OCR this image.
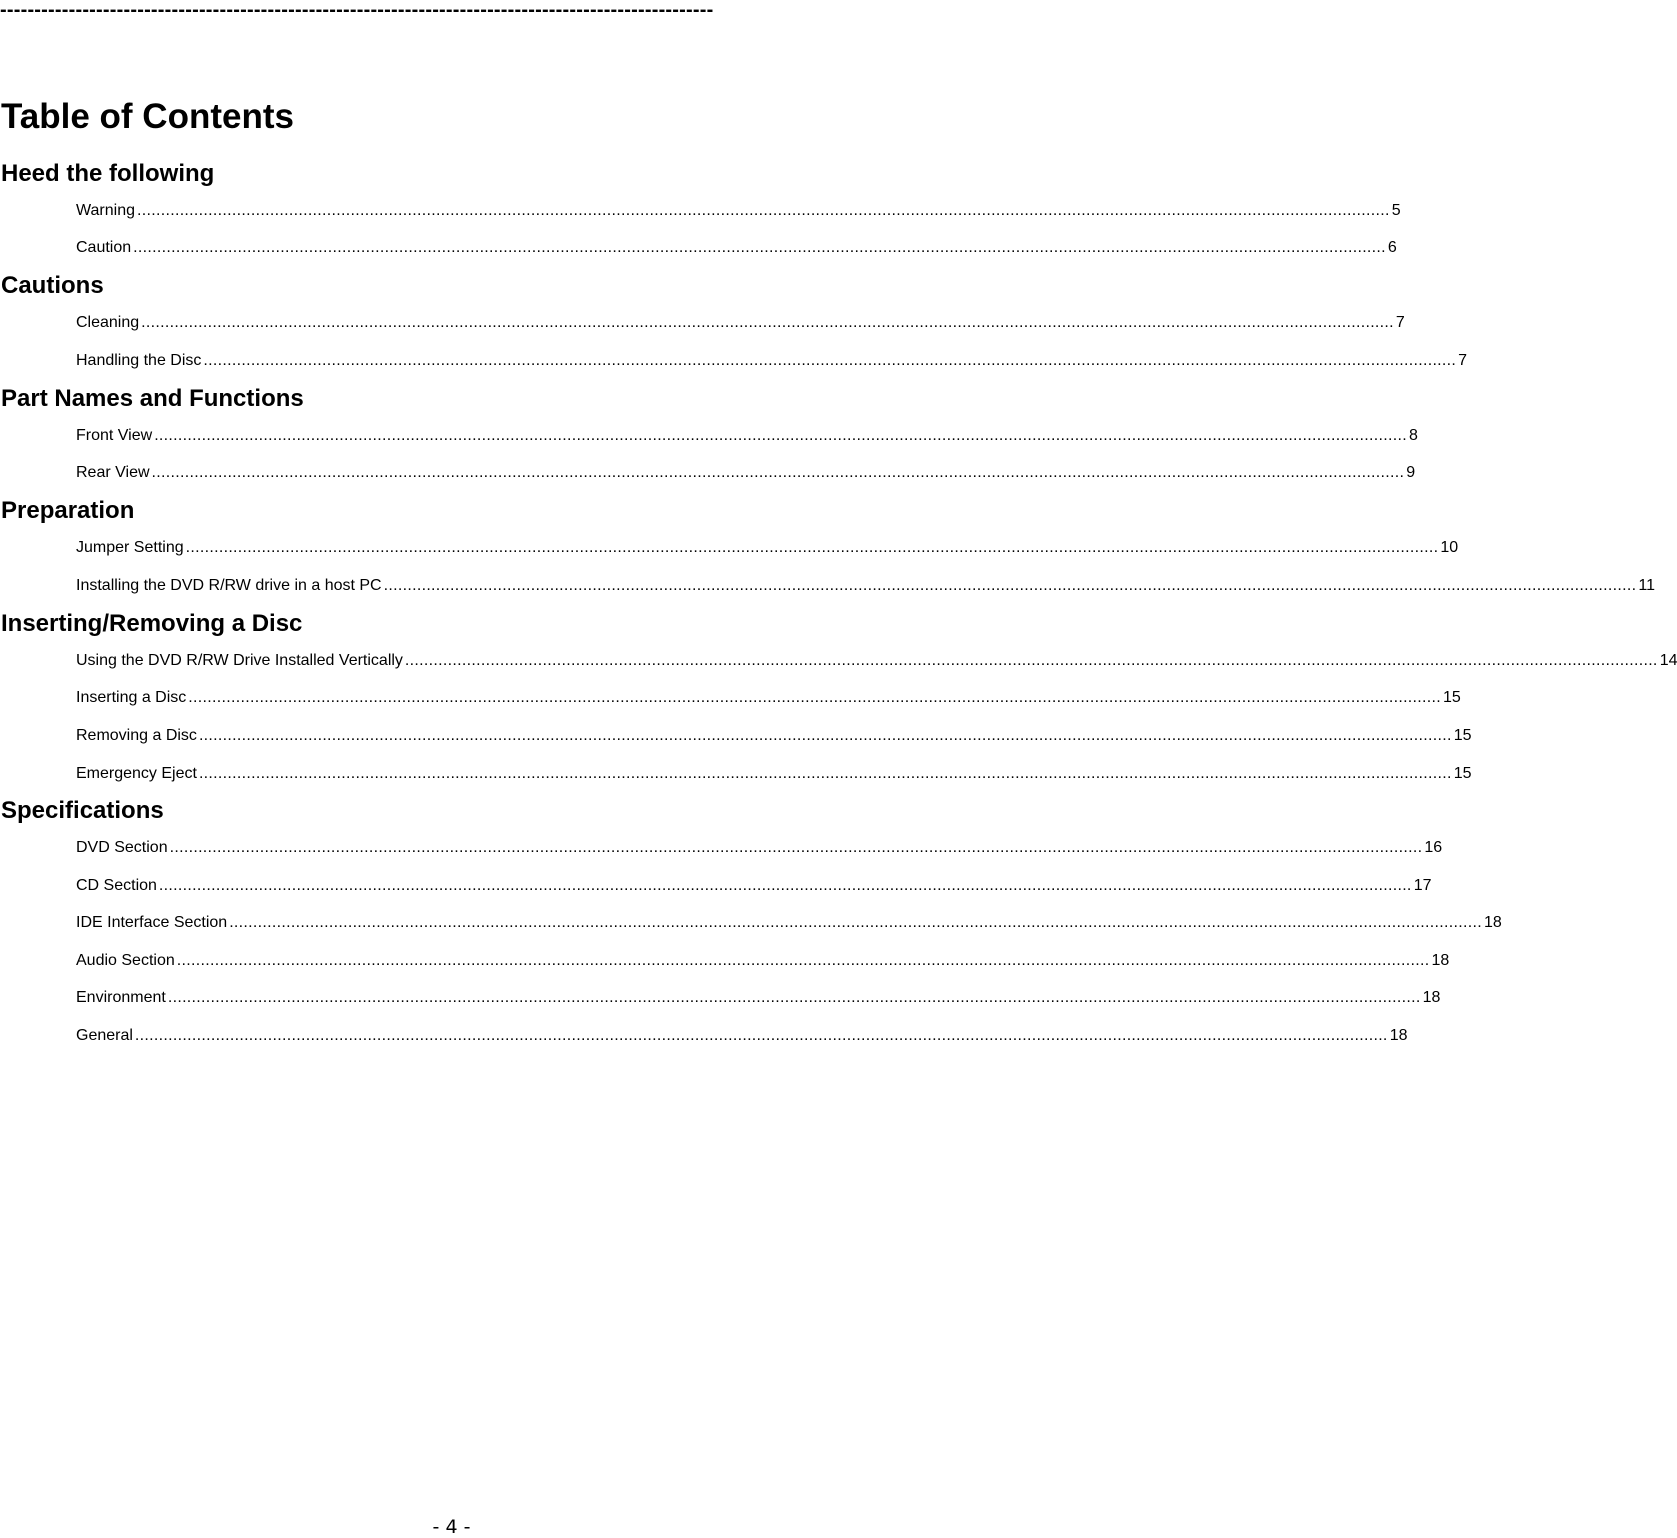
--------------------------------------------------------------------------------------------------------
Table of Contents
Heed the following
Warning .....	5
Caution .....	6
Cautions
Cleaning .....	7
Handling the Disc .....	7
Part Names and Functions
Front View .....	8
Rear View .....	9
Preparation
Jumper Setting .....	10
Installing the DVD R/RW drive in a host PC .....	11
Inserting/Removing a Disc
Using the DVD R/RW Drive Installed Vertically .....	14
Inserting a Disc .....	15
Removing a Disc .....	15
Emergency Eject .....	15
Specifications
DVD Section .....	16
CD Section .....	17
IDE Interface Section .....	18
Audio Section .....	18
Environment .....	18
General .....	18
- 4 -
